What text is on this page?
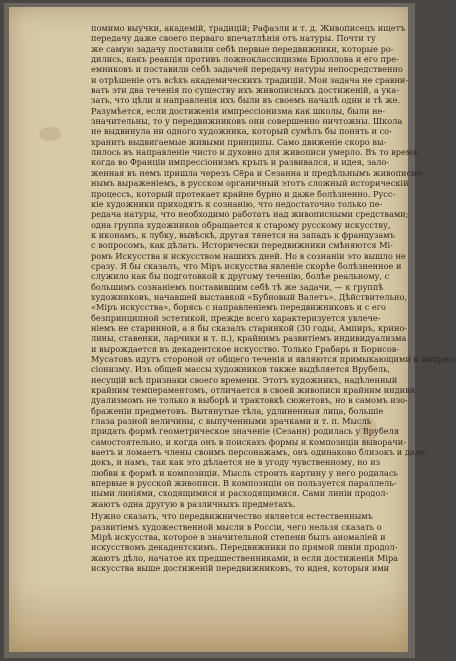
помимо выучки, академій, традицій; Рафаэли и т. д. Живописецъ ищетъ
передачу даже своего перваго впечатлѣнія отъ натуры. Почти ту
же самую задачу поставили себѣ первые передвижники, которые ро-
дились, какъ реакція противъ ложноклассицизма Брюллова и его пре-
емниковъ и поставили себѣ задачей передачу натуры непосредственно
и отрѣшеніе отъ всѣхъ академическихъ традицій. Мои задача не сравни-
вать эти два теченія по существу ихъ живописныхъ достиженій, а ука-
зать, что цѣли и направленія ихъ были въ своемъ началѣ одни и тѣ же.
Разумѣется, если достиженія импрессіонизма как школы, были не-
значительны, то у передвижниковъ они совершенно ничтожны. Школа
не выдвинула ни одного художника, который сумѣлъ бы понять и со-
хранить выдвигаемые живыми принципы. Само движеніе скоро вы-
лилось въ направленіе чисто и духовно для живописи умерло. Въ то время,
когда во Франціи импрессіонизмъ кръпъ и развивался, и идея, зало-
женная въ немъ пришла черезъ Сёра и Сезанна и предѣльнымъ живописне-
нымъ выраженіемъ, в русском органичный этотъ сложный историческій
процессъ, который протекает крайне бурно и даже болѣзненно. Русс-
кіе художники приходятъ к сознанію, что недостаточно только пе-
редача натуры, что необходимо работать над живописными средствами;
одна группа художников обращается к старому русскому искусству,
к иконамъ, к лубку, вывѣскѣ, другая тянется на западъ к французамъ
с вопросомъ, как дѣлать. Исторически передвижники смѣняются Мі-
ромъ Искусства и искусством нашихъ дней. Но в сознаніи это вышло не
сразу. Я бы сказалъ, что Міръ искусства явленіе скорѣе болѣзненное и
служило как бы подготовкой к другому теченію, болѣе реальному, с
большимъ сознаніемъ поставившим себѣ тѣ же задачи, — к группѣ
художниковъ, начавшей выставкой «Бубновый Валетъ». Дѣйствительно,
«Міръ искусства», борясь с направленіемъ передвижниковъ и с его
безпринципной эстетикой, прежде всего характеризуется увлече-
ніемъ не старинной, а я бы сказалъ старинкой (30 годы, Ампиръ, крино-
лины, ставенки, ларчики и т. п.), крайнимъ развитіемъ индивидуализма
и вырождается въ декадентское искусство. Только Грабарь и Борисов-
Мусатовъ идутъ стороной от общего теченія и являются примыкающими к импрес-
сіонизму. Изъ общей массы художников также выдѣляется Врубель,
несущій всѣ признаки своего времени. Этотъ художникъ, надѣленный
крайним темпераментомъ, отличается в своей живописи крайним индиви-
дуализмомъ не только в выборѣ и трактовкѣ сюжетовъ, но в самомъ изо-
браженіи предметовъ. Вытянутые тѣла, удлиненныя лица, большіе
глаза разной величины, с выпученными зрачками и т. п. Мысль
придать формѣ геометрическое значеніе (Сезанн) родилась у Врубеля
самостоятельно, и когда онъ в поискахъ формы и композиціи выворачи-
ваетъ и ломаетъ члены своимъ персонажамъ, онъ одинаково близокъ и дале-
докъ, и намъ, так как это дѣлается не в угоду чувственному, но из
любви к формѣ и композиціи. Мысль строить картину у него родилась
впервые в русской живописи. В композиціи он пользуется параллель-
ными линіями, сходящимися и расходящимися. Сами линіи продол-
жаютъ одна другую в различныхъ предметахъ.

Нужно сказать, что передвижничество является естественнымъ
развитіемъ художественной мысли в Россіи, чего нельзя сказать о
Мірѣ искусства, которое в значительной степени былъ аномаліей и
искусствомъ декадентскимъ. Передвижники по прямой линіи продол-
жаютъ дѣло, начатое их предшественниками, и если достиженія Міра
искусства выше достиженій передвижниковъ, то идея, которыя ими
